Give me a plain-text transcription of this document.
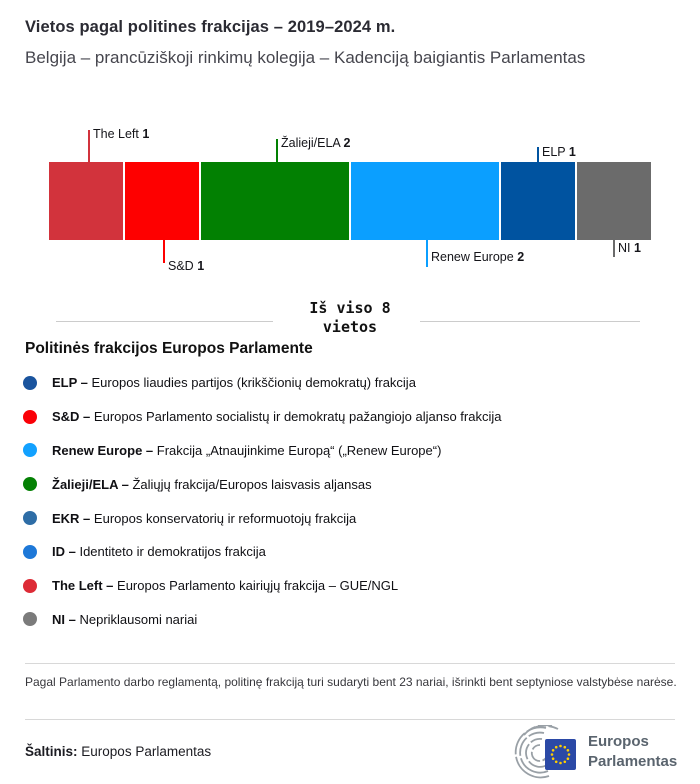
Vietos pagal politines frakcijas – 2019–2024 m.
Belgija – prancūziškoji rinkimų kolegija – Kadenciją baigiantis Parlamentas
The Left 1
S&D 1
Žalieji/ELA 2
Renew Europe 2
ELP 1
NI 1
Iš viso 8
vietos
Politinės frakcijos Europos Parlamente
ELP – Europos liaudies partijos (krikščionių demokratų) frakcija
S&D – Europos Parlamento socialistų ir demokratų pažangiojo aljanso frakcija
Renew Europe – Frakcija „Atnaujinkime Europą“ („Renew Europe“)
Žalieji/ELA – Žaliųjų frakcija/Europos laisvasis aljansas
EKR – Europos konservatorių ir reformuotojų frakcija
ID – Identiteto ir demokratijos frakcija
The Left – Europos Parlamento kairiųjų frakcija – GUE/NGL
NI – Nepriklausomi nariai
Pagal Parlamento darbo reglamentą, politinę frakciją turi sudaryti bent 23 nariai, išrinkti bent septyniose valstybėse narėse.
Šaltinis: Europos Parlamentas
Europos
Parlamentas
